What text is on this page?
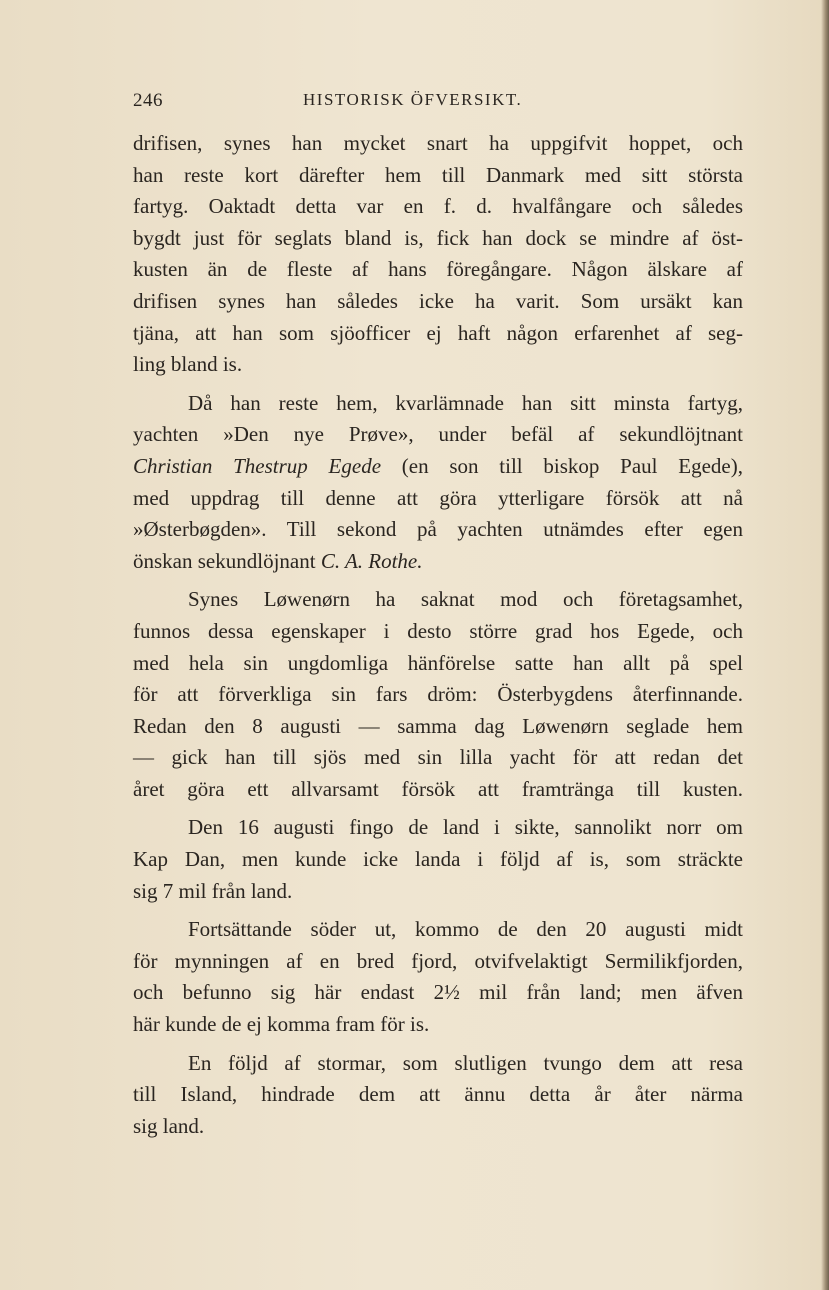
246	HISTORISK ÖFVERSIKT.
drifisen, synes han mycket snart ha uppgifvit hoppet, och
han reste kort därefter hem till Danmark med sitt största
fartyg. Oaktadt detta var en f. d. hvalfångare och således
bygdt just för seglats bland is, fick han dock se mindre af öst-
kusten än de fleste af hans föregångare. Någon älskare af
drifisen synes han således icke ha varit. Som ursäkt kan
tjäna, att han som sjöofficer ej haft någon erfarenhet af seg-
ling bland is.
Då han reste hem, kvarlämnade han sitt minsta fartyg,
yachten »Den nye Prøve», under befäl af sekundlöjtnant
Christian Thestrup Egede (en son till biskop Paul Egede),
med uppdrag till denne att göra ytterligare försök att nå
»Østerbøgden». Till sekond på yachten utnämdes efter egen
önskan sekundlöjnant C. A. Rothe.
Synes Løwenørn ha saknat mod och företagsamhet,
funnos dessa egenskaper i desto större grad hos Egede, och
med hela sin ungdomliga hänförelse satte han allt på spel
för att förverkliga sin fars dröm: Österbygdens återfinnande.
Redan den 8 augusti — samma dag Løwenørn seglade hem
— gick han till sjös med sin lilla yacht för att redan det
året göra ett allvarsamt försök att framtränga till kusten.
Den 16 augusti fingo de land i sikte, sannolikt norr om
Kap Dan, men kunde icke landa i följd af is, som sträckte
sig 7 mil från land.
Fortsättande söder ut, kommo de den 20 augusti midt
för mynningen af en bred fjord, otvifvelaktigt Sermilikfjorden,
och befunno sig här endast 2½ mil från land; men äfven
här kunde de ej komma fram för is.
En följd af stormar, som slutligen tvungo dem att resa
till Island, hindrade dem att ännu detta år åter närma
sig land.
